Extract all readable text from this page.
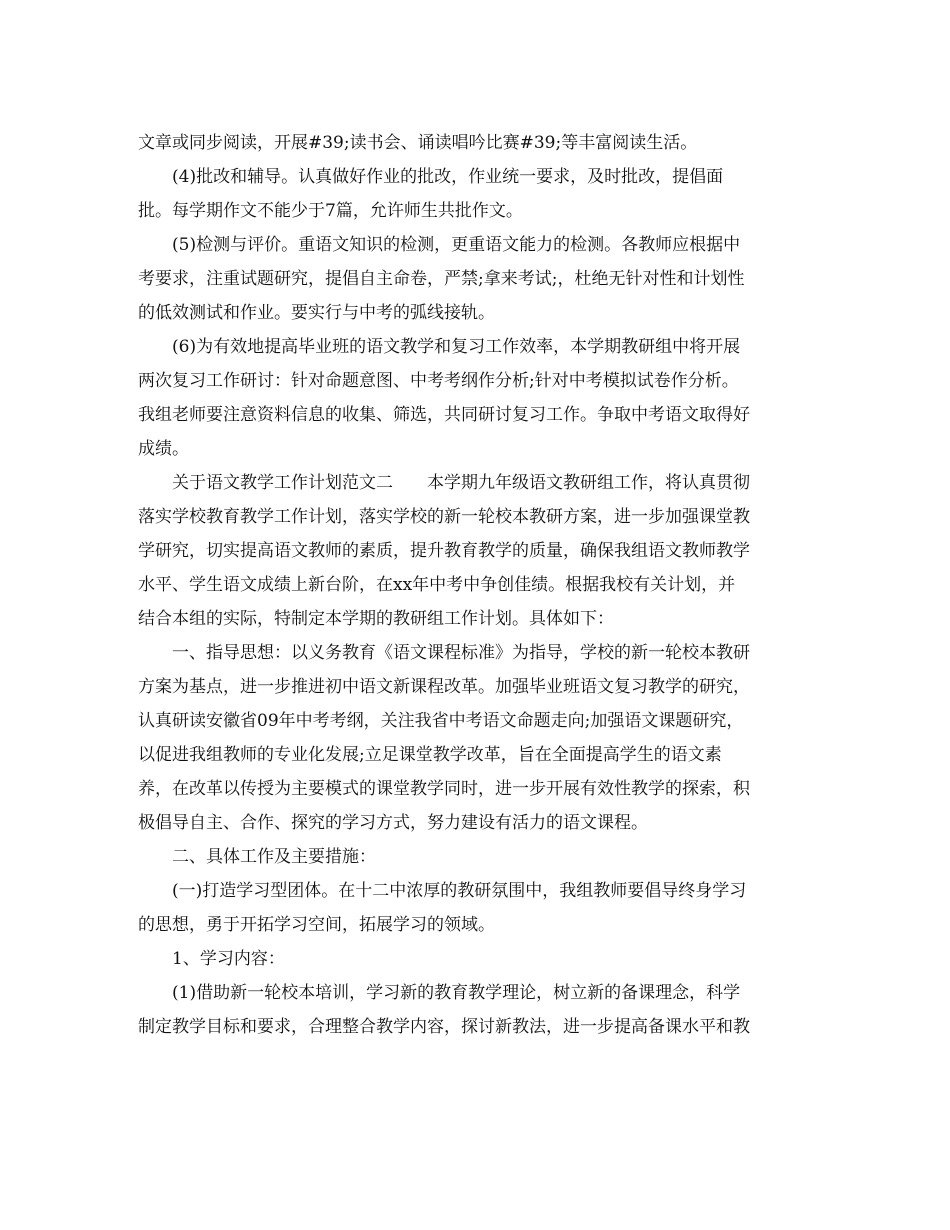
文章或同步阅读，开展#39;读书会、诵读唱吟比赛#39;等丰富阅读生活。
(4)批改和辅导。认真做好作业的批改，作业统一要求，及时批改，提倡面
批。每学期作文不能少于7篇，允许师生共批作文。
(5)检测与评价。重语文知识的检测，更重语文能力的检测。各教师应根据中
考要求，注重试题研究，提倡自主命卷，严禁;拿来考试;，杜绝无针对性和计划性
的低效测试和作业。要实行与中考的弧线接轨。
(6)为有效地提高毕业班的语文教学和复习工作效率，本学期教研组中将开展
两次复习工作研讨：针对命题意图、中考考纲作分析;针对中考模拟试卷作分析。
我组老师要注意资料信息的收集、筛选，共同研讨复习工作。争取中考语文取得好
成绩。
关于语文教学工作计划范文二　　本学期九年级语文教研组工作，将认真贯彻
落实学校教育教学工作计划，落实学校的新一轮校本教研方案，进一步加强课堂教
学研究，切实提高语文教师的素质，提升教育教学的质量，确保我组语文教师教学
水平、学生语文成绩上新台阶，在xx年中考中争创佳绩。根据我校有关计划，并
结合本组的实际，特制定本学期的教研组工作计划。具体如下：
一、指导思想：以义务教育《语文课程标准》为指导，学校的新一轮校本教研
方案为基点，进一步推进初中语文新课程改革。加强毕业班语文复习教学的研究，
认真研读安徽省09年中考考纲，关注我省中考语文命题走向;加强语文课题研究，
以促进我组教师的专业化发展;立足课堂教学改革，旨在全面提高学生的语文素
养，在改革以传授为主要模式的课堂教学同时，进一步开展有效性教学的探索，积
极倡导自主、合作、探究的学习方式，努力建设有活力的语文课程。
二、具体工作及主要措施：
(一)打造学习型团体。在十二中浓厚的教研氛围中，我组教师要倡导终身学习
的思想，勇于开拓学习空间，拓展学习的领域。
1、学习内容：
(1)借助新一轮校本培训，学习新的教育教学理论，树立新的备课理念，科学
制定教学目标和要求，合理整合教学内容，探讨新教法，进一步提高备课水平和教
